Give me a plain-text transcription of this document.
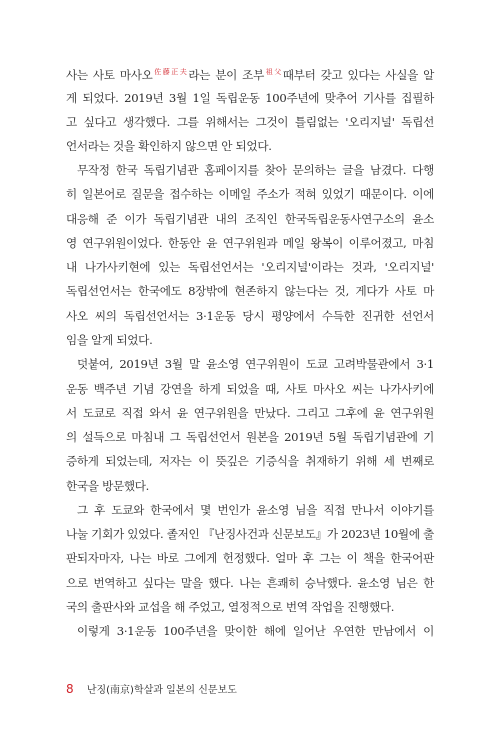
사는 사토 마사오$^{佐藤正夫}$라는 분이 조부$^{祖父}$때부터 갖고 있다는 사실을 알
게 되었다. 2019년 3월 1일 독립운동 100주년에 맞추어 기사를 집필하
고 싶다고 생각했다. 그를 위해서는 그것이 틀림없는 '오리지널' 독립선
언서라는 것을 확인하지 않으면 안 되었다.
무작정 한국 독립기념관 홈페이지를 찾아 문의하는 글을 남겼다. 다행
히 일본어로 질문을 접수하는 이메일 주소가 적혀 있었기 때문이다. 이에
대응해 준 이가 독립기념관 내의 조직인 한국독립운동사연구소의 윤소
영 연구위원이었다. 한동안 윤 연구위원과 메일 왕복이 이루어졌고, 마침
내 나가사키현에 있는 독립선언서는 '오리지널'이라는 것과, '오리지널'
독립선언서는 한국에도 8장밖에 현존하지 않는다는 것, 게다가 사토 마
사오 씨의 독립선언서는 3·1운동 당시 평양에서 수득한 진귀한 선언서
임을 알게 되었다.
덧붙여, 2019년 3월 말 윤소영 연구위원이 도쿄 고려박물관에서 3·1
운동 백주년 기념 강연을 하게 되었을 때, 사토 마사오 씨는 나가사키에
서 도쿄로 직접 와서 윤 연구위원을 만났다. 그리고 그후에 윤 연구위원
의 설득으로 마침내 그 독립선언서 원본을 2019년 5월 독립기념관에 기
증하게 되었는데, 저자는 이 뜻깊은 기증식을 취재하기 위해 세 번째로
한국을 방문했다.
그 후 도쿄와 한국에서 몇 번인가 윤소영 님을 직접 만나서 이야기를
나눌 기회가 있었다. 졸저인 『난징사건과 신문보도』가 2023년 10월에 출
판되자마자, 나는 바로 그에게 헌정했다. 얼마 후 그는 이 책을 한국어판
으로 번역하고 싶다는 말을 했다. 나는 흔쾌히 승낙했다. 윤소영 님은 한
국의 출판사와 교섭을 해 주었고, 열정적으로 번역 작업을 진행했다.
이렇게 3·1운동 100주년을 맞이한 해에 일어난 우연한 만남에서 이
8 난징(南京)학살과 일본의 신문보도
